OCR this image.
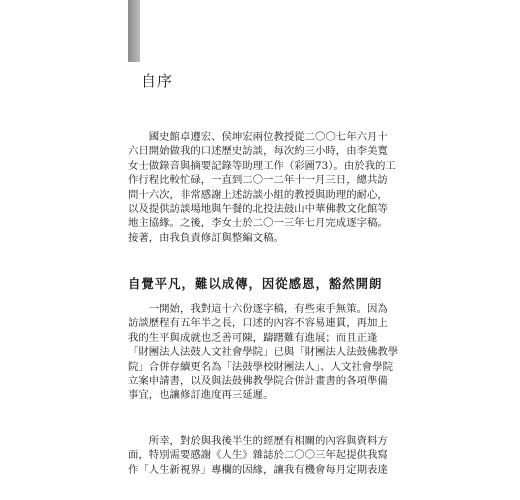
自序
　　國史館卓遵宏、侯坤宏兩位教授從二〇〇七年六月十
六日開始做我的口述歷史訪談，每次約三小時，由李美寬
女士做錄音與摘要記錄等助理工作（彩圖73）。由於我的工
作行程比較忙碌，一直到二〇一二年十一月三日，總共訪
問十六次，非常感謝上述訪談小組的教授與助理的耐心，
以及提供訪談場地與午餐的北投法鼓山中華佛教文化館等
地主協緣。之後，李女士於二〇一三年七月完成逐字稿。
接著，由我負責修訂與整編文稿。
自覺平凡，難以成傳，因從感恩，豁然開朗
　　一開始，我對這十六份逐字稿，有些束手無策。因為
訪談歷程有五年半之長，口述的內容不容易連貫，再加上
我的生平與成就也乏善可陳，躊躇難有進展；而且正逢
「財團法人法鼓人文社會學院」已與「財團法人法鼓佛教學
院」合併存續更名為「法鼓學校財團法人」、人文社會學院
立案申請書，以及與法鼓佛教學院合併計畫書的各項準備
事宜，也讓修訂進度再三延遲。
　　所幸，對於與我後半生的經歷有相關的內容與資料方
面，特別需要感謝《人生》雜誌於二〇〇三年起提供我寫
作「人生新視界」專欄的因緣，讓我有機會每月定期表達
